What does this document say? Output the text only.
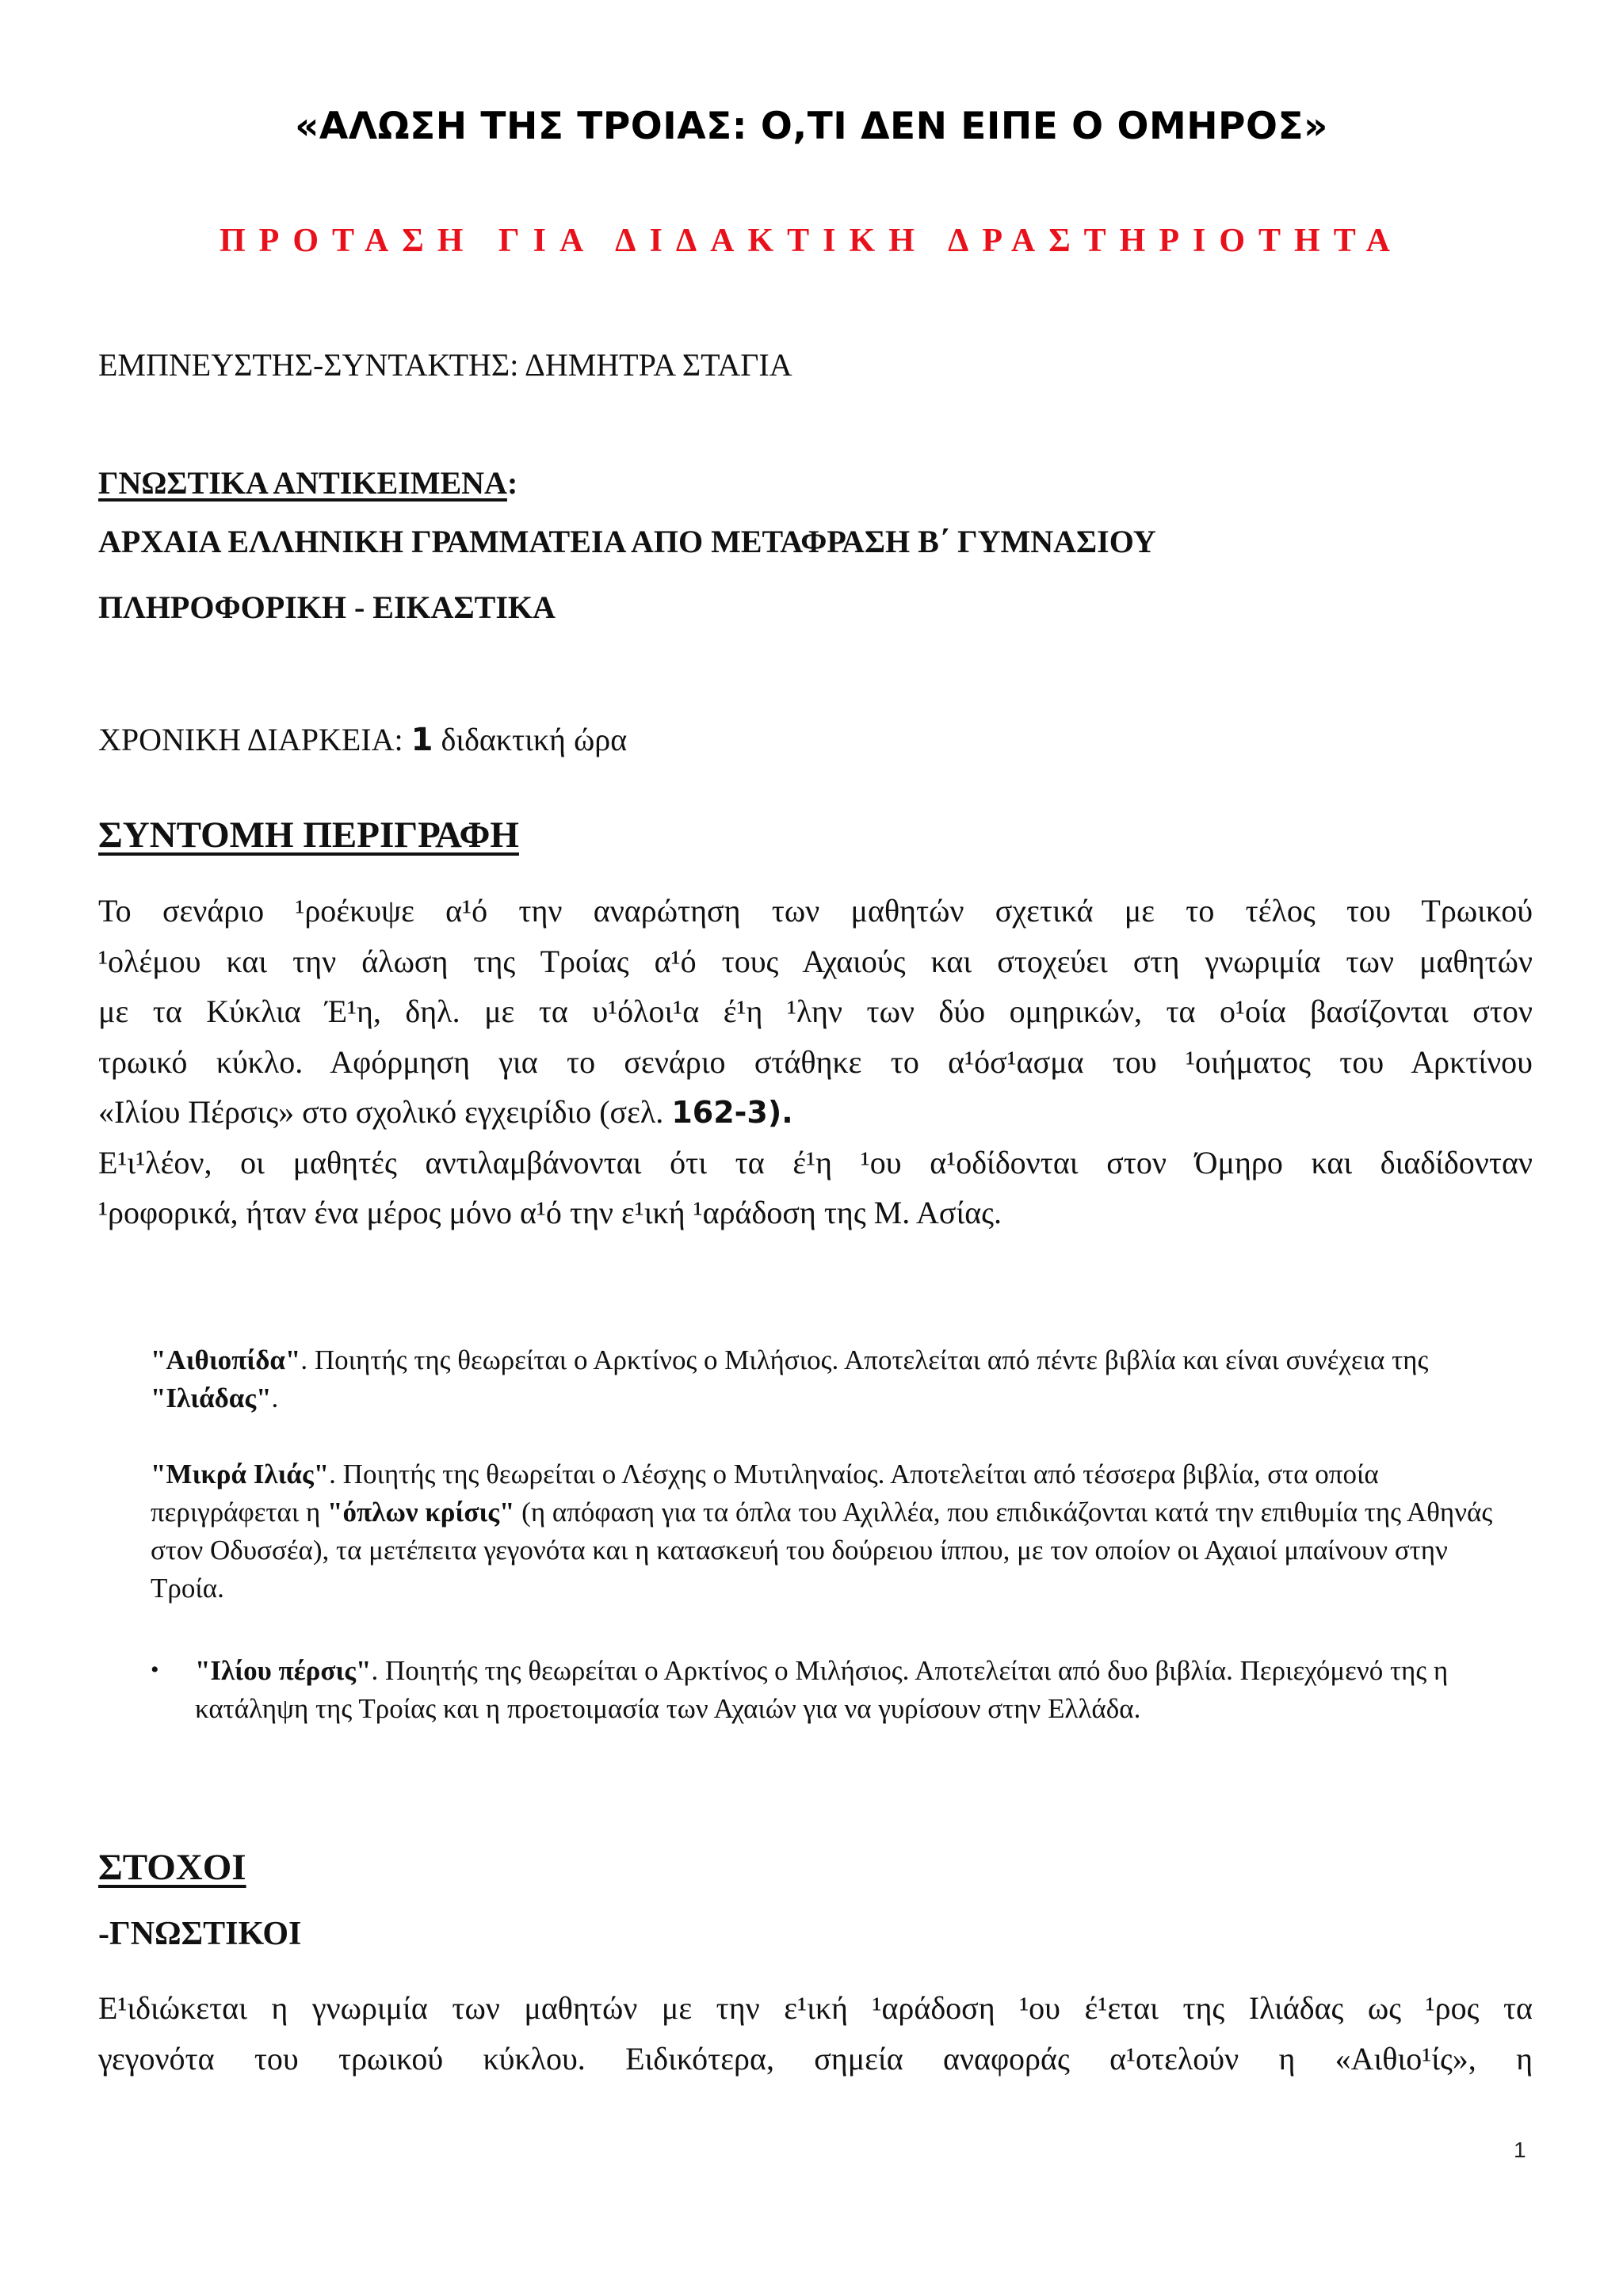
«ΑΛΩΣΗ ΤΗΣ ΤΡΟΙΑΣ: Ο,ΤΙ ΔΕΝ ΕΙΠΕ Ο ΟΜΗΡΟΣ»
ΠΡΟΤΑΣΗ ΓΙΑ ΔΙΔΑΚΤΙΚΗ ΔΡΑΣΤΗΡΙΟΤΗΤΑ
ΕΜΠΝΕΥΣΤΗΣ-ΣΥΝΤΑΚΤΗΣ: ΔΗΜΗΤΡΑ ΣΤΑΓΙΑ
ΓΝΩΣΤΙΚΑ ΑΝΤΙΚΕΙΜΕΝΑ:
ΑΡΧΑΙΑ ΕΛΛΗΝΙΚΗ ΓΡΑΜΜΑΤΕΙΑ ΑΠΟ ΜΕΤΑΦΡΑΣΗ Β΄ ΓΥΜΝΑΣΙΟΥ
ΠΛΗΡΟΦΟΡΙΚΗ - ΕΙΚΑΣΤΙΚΑ
ΧΡΟΝΙΚΗ ΔΙΑΡΚΕΙΑ: 1 διδακτική ώρα
ΣΥΝΤΟΜΗ ΠΕΡΙΓΡΑΦΗ
Το σενάριο ¹ροέκυψε α¹ό την αναρώτηση των μαθητών σχετικά με το τέλος του Τρωικού
¹ολέμου και την άλωση της Τροίας α¹ό τους Αχαιούς και στοχεύει στη γνωριμία των μαθητών
με τα Κύκλια Έ¹η, δηλ. με τα υ¹όλοι¹α έ¹η ¹λην των δύο ομηρικών, τα ο¹οία βασίζονται στον
τρωικό κύκλο. Αφόρμηση για το σενάριο στάθηκε το α¹όσ¹ασμα του ¹οιήματος του Αρκτίνου
«Ιλίου Πέρσις» στο σχολικό εγχειρίδιο (σελ. 162-3).
Ε¹ι¹λέον, οι μαθητές αντιλαμβάνονται ότι τα έ¹η ¹ου α¹οδίδονται στον Όμηρο και διαδίδονταν
¹ροφορικά, ήταν ένα μέρος μόνο α¹ό την ε¹ική ¹αράδοση της Μ. Ασίας.

"Αιθιοπίδα". Ποιητής της θεωρείται ο Αρκτίνος ο Μιλήσιος. Αποτελείται από πέντε βιβλία και είναι συνέχεια της "Ιλιάδας".

"Μικρά Ιλιάς". Ποιητής της θεωρείται ο Λέσχης ο Μυτιληναίος. Αποτελείται από τέσσερα βιβλία, στα οποία περιγράφεται η "όπλων κρίσις" (η απόφαση για τα όπλα του Αχιλλέα, που επιδικάζονται κατά την επιθυμία της Αθηνάς στον Οδυσσέα), τα μετέπειτα γεγονότα και η κατασκευή του δούρειου ίππου, με τον οποίον οι Αχαιοί μπαίνουν στην Τροία.

• "Ιλίου πέρσις". Ποιητής της θεωρείται ο Αρκτίνος ο Μιλήσιος. Αποτελείται από δυο βιβλία. Περιεχόμενό της η κατάληψη της Τροίας και η προετοιμασία των Αχαιών για να γυρίσουν στην Ελλάδα.
ΣΤΟΧΟΙ
-ΓΝΩΣΤΙΚΟΙ
Ε¹ιδιώκεται η γνωριμία των μαθητών με την ε¹ική ¹αράδοση ¹ου έ¹εται της Ιλιάδας ως ¹ρος τα
γεγονότα του τρωικού κύκλου. Ειδικότερα, σημεία αναφοράς α¹οτελούν η «Αιθιο¹ίς», η
1
